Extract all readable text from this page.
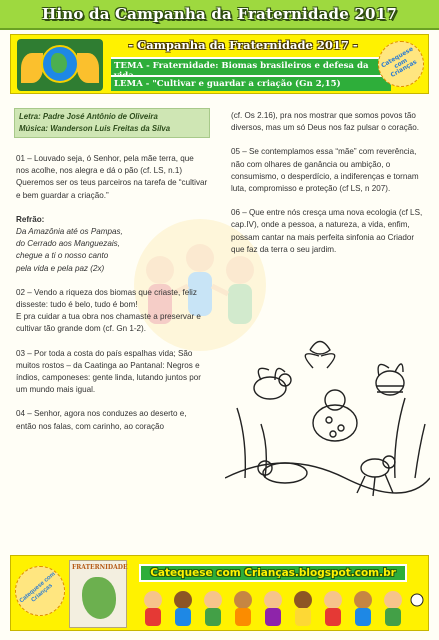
Hino da Campanha da Fraternidade 2017
- Campanha da Fraternidade 2017 -
TEMA - Fraternidade: Biomas brasileiros e defesa da
LEMA - "Cultivar e guardar a criação (Gn 2,15)
Catequese com Crianças
Letra: Padre José Antônio de Oliveira
Música: Wanderson Luis Freitas da Silva

01 – Louvado seja, ó Senhor, pela mãe terra, que nos acolhe, nos alegra e dá o pão (cf. LS, n.1)

Queremos ser os teus parceiros na tarefa de “cultivar e bem guardar a criação.”

Refrão:

Da Amazônia até os Pampas,
do Cerrado aos Manguezais,
chegue a ti o nosso canto
pela vida e pela paz (2x)

02 – Vendo a riqueza dos biomas que criaste, feliz disseste: tudo é belo, tudo é bom!

E pra cuidar a tua obra nos chamaste a preservar e cultivar tão grande dom (cf. Gn 1-2).

03 – Por toda a costa do país espalhas vida; São muitos rostos – da Caatinga ao Pantanal: Negros e índios, camponeses: gente linda, lutando juntos por um mundo mais igual.

04 – Senhor, agora nos conduzes ao deserto e, então nos falas, com carinho, ao coração

(cf. Os 2.16), pra nos mostrar que somos povos tão diversos, mas um só Deus nos faz pulsar o coração.

05 – Se contemplamos essa “mãe” com reverência, não com olhares de ganância ou ambição, o consumismo, o desperdício, a indiferenças e tornam luta, compromisso e proteção (cf LS, n 207).

06 – Que entre nós cresça uma nova ecologia (cf LS, cap.IV), onde a pessoa, a natureza, a vida, enfim, possam cantar na mais perfeita sinfonia ao Criador que faz da terra o seu jardim.

Catequese com Crianças
FRATERNIDADE Catequese com Crianças.blogspot.com.br
